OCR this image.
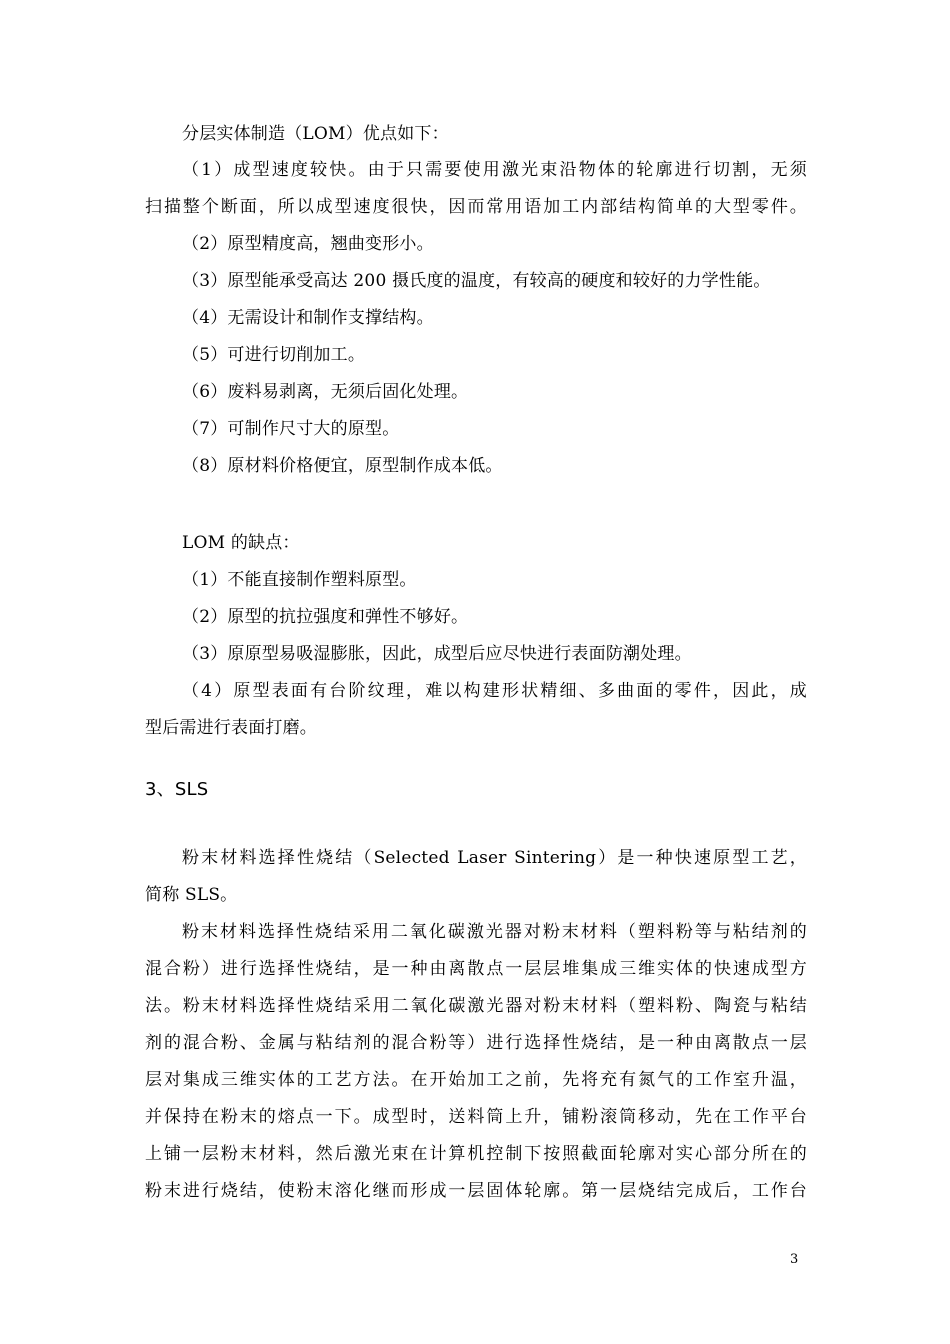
分层实体制造（LOM）优点如下：
（1）成型速度较快。由于只需要使用激光束沿物体的轮廓进行切割，无须
扫描整个断面，所以成型速度很快，因而常用语加工内部结构简单的大型零件。
（2）原型精度高，翘曲变形小。
（3）原型能承受高达 200 摄氏度的温度，有较高的硬度和较好的力学性能。
（4）无需设计和制作支撑结构。
（5）可进行切削加工。
（6）废料易剥离，无须后固化处理。
（7）可制作尺寸大的原型。
（8）原材料价格便宜，原型制作成本低。
LOM 的缺点：
（1）不能直接制作塑料原型。
（2）原型的抗拉强度和弹性不够好。
（3）原原型易吸湿膨胀，因此，成型后应尽快进行表面防潮处理。
（4）原型表面有台阶纹理，难以构建形状精细、多曲面的零件，因此，成
型后需进行表面打磨。
3、SLS
粉末材料选择性烧结（Selected Laser Sintering）是一种快速原型工艺，
简称 SLS。
粉末材料选择性烧结采用二氧化碳激光器对粉末材料（塑料粉等与粘结剂的
混合粉）进行选择性烧结，是一种由离散点一层层堆集成三维实体的快速成型方
法。粉末材料选择性烧结采用二氧化碳激光器对粉末材料（塑料粉、陶瓷与粘结
剂的混合粉、金属与粘结剂的混合粉等）进行选择性烧结，是一种由离散点一层
层对集成三维实体的工艺方法。在开始加工之前，先将充有氮气的工作室升温，
并保持在粉末的熔点一下。成型时，送料筒上升，铺粉滚筒移动，先在工作平台
上铺一层粉末材料，然后激光束在计算机控制下按照截面轮廓对实心部分所在的
粉末进行烧结，使粉末溶化继而形成一层固体轮廓。第一层烧结完成后，工作台
3
